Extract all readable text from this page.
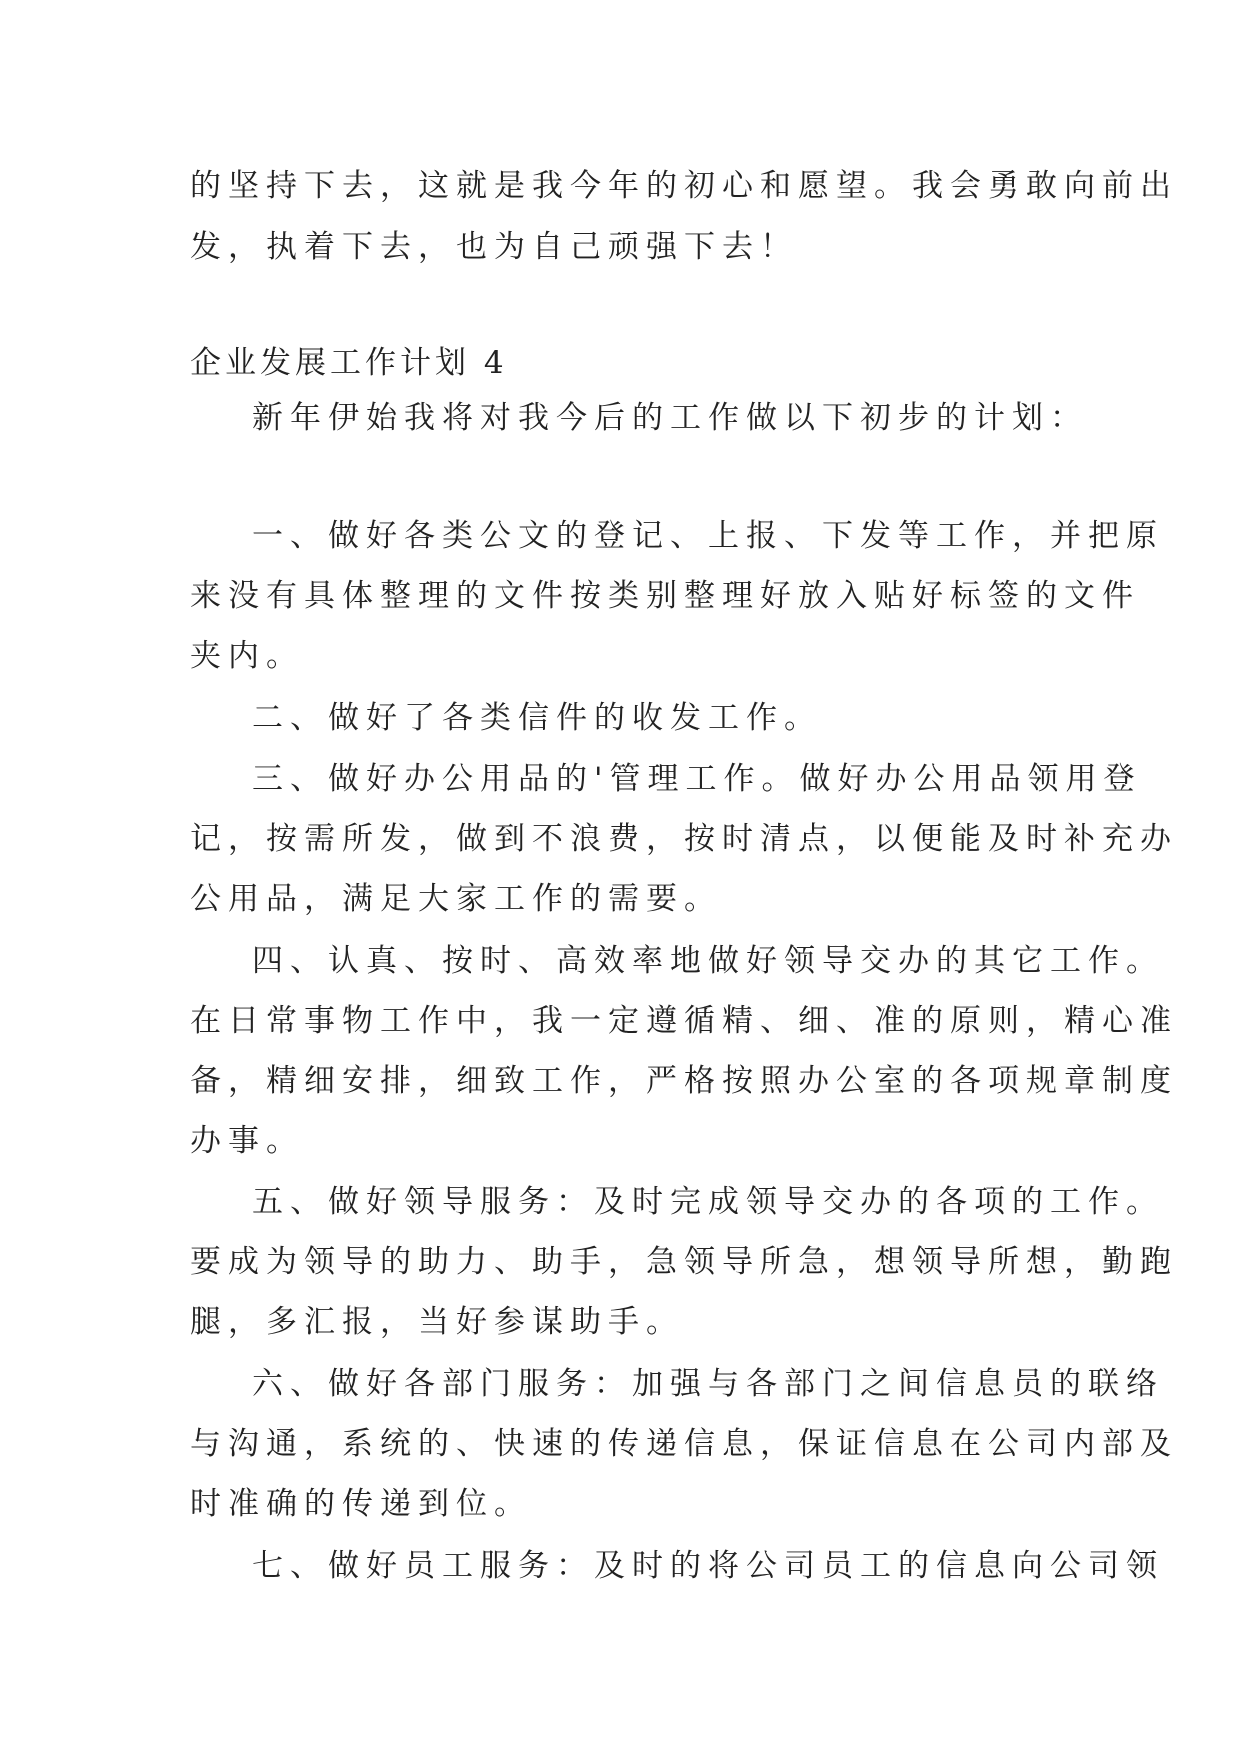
的坚持下去，这就是我今年的初心和愿望。我会勇敢向前出
发，执着下去，也为自己顽强下去！
企业发展工作计划 4
新年伊始我将对我今后的工作做以下初步的计划：
一、做好各类公文的登记、上报、下发等工作，并把原
来没有具体整理的文件按类别整理好放入贴好标签的文件
夹内。
二、做好了各类信件的收发工作。
三、做好办公用品的'管理工作。做好办公用品领用登
记，按需所发，做到不浪费，按时清点，以便能及时补充办
公用品，满足大家工作的需要。
四、认真、按时、高效率地做好领导交办的其它工作。
在日常事物工作中，我一定遵循精、细、准的原则，精心准
备，精细安排，细致工作，严格按照办公室的各项规章制度
办事。
五、做好领导服务：及时完成领导交办的各项的工作。
要成为领导的助力、助手，急领导所急，想领导所想，勤跑
腿，多汇报，当好参谋助手。
六、做好各部门服务：加强与各部门之间信息员的联络
与沟通，系统的、快速的传递信息，保证信息在公司内部及
时准确的传递到位。
七、做好员工服务：及时的将公司员工的信息向公司领
